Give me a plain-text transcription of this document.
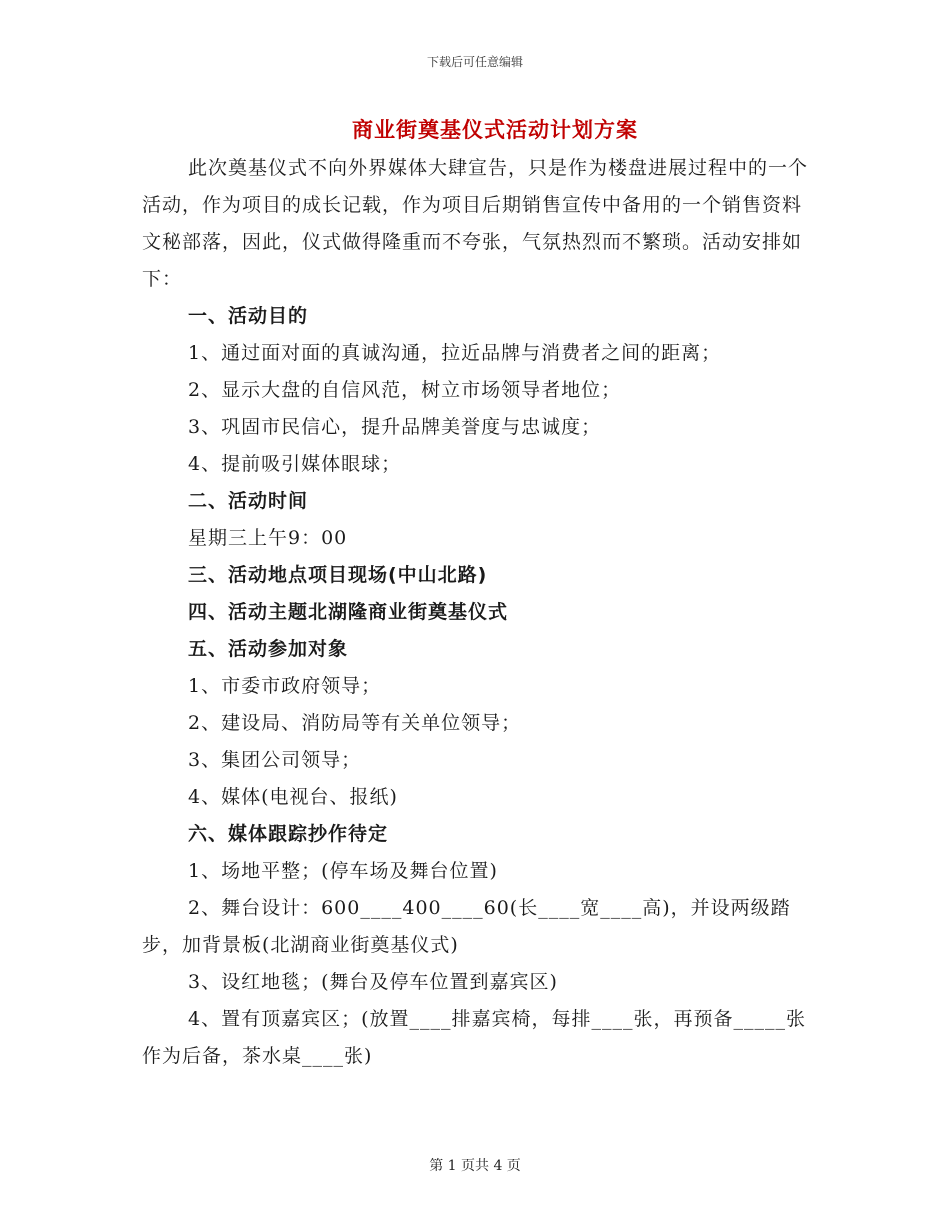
下载后可任意编辑
商业街奠基仪式活动计划方案

此次奠基仪式不向外界媒体大肆宣告，只是作为楼盘进展过程中的一个活动，作为项目的成长记载，作为项目后期销售宣传中备用的一个销售资料文秘部落，因此，仪式做得隆重而不夸张，气氛热烈而不繁琐。活动安排如下：

一、活动目的

1、通过面对面的真诚沟通，拉近品牌与消费者之间的距离；

2、显示大盘的自信风范，树立市场领导者地位；

3、巩固市民信心，提升品牌美誉度与忠诚度；

4、提前吸引媒体眼球；

二、活动时间

星期三上午9：00

三、活动地点项目现场(中山北路)

四、活动主题北湖隆商业街奠基仪式

五、活动参加对象

1、市委市政府领导；

2、建设局、消防局等有关单位领导；

3、集团公司领导；

4、媒体(电视台、报纸)

六、媒体跟踪抄作待定

1、场地平整；(停车场及舞台位置)

2、舞台设计：600____400____60(长____宽____高)，并设两级踏步，加背景板(北湖商业街奠基仪式)

3、设红地毯；(舞台及停车位置到嘉宾区)

4、置有顶嘉宾区；(放置____排嘉宾椅，每排____张，再预备_____张作为后备，茶水桌____张)

第 1 页共 4 页
